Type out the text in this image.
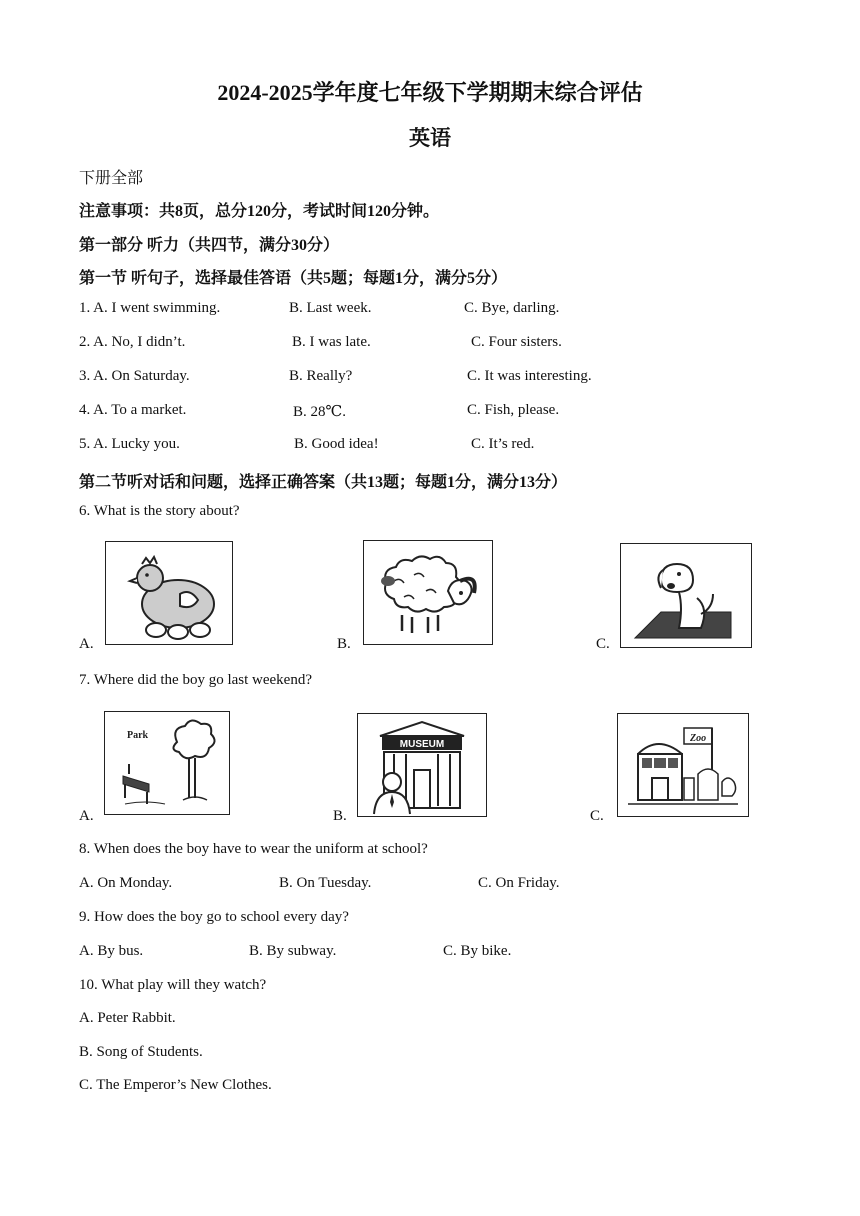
2024-2025学年度七年级下学期期末综合评估
英语
下册全部
注意事项：共8页，总分120分，考试时间120分钟。
第一部分 听力（共四节，满分30分）
第一节 听句子，选择最佳答语（共5题；每题1分，满分5分）
1. A. I went swimming.	B. Last week.	C. Bye, darling.
2. A. No, I didn’t.	B. I was late.	C. Four sisters.
3. A. On Saturday.	B. Really?	C. It was interesting.
4. A. To a market.	B. 28℃.	C. Fish, please.
5. A. Lucky you.	B. Good idea!	C. It’s red.
第二节听对话和问题，选择正确答案（共13题；每题1分，满分13分）
6. What is the story about?
A.	B.	C.
7. Where did the boy go last weekend?
A.
Park
B.
MUSEUM
C.
Zoo
8. When does the boy have to wear the uniform at school?
A. On Monday.	B. On Tuesday.	C. On Friday.
9. How does the boy go to school every day?
A. By bus.	B. By subway.	C. By bike.
10. What play will they watch?
A. Peter Rabbit.
B. Song of Students.
C. The Emperor’s New Clothes.
